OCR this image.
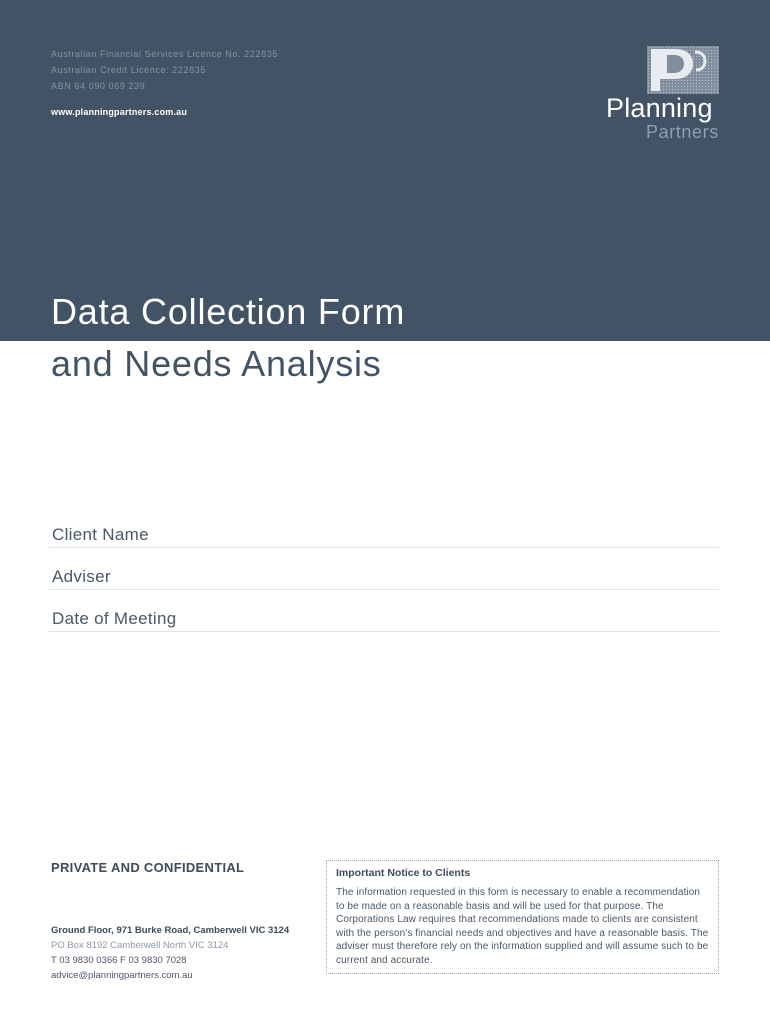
Australian Financial Services Licence No. 222835
Australian Credit Licence: 222835
ABN 64 090 069 239
www.planningpartners.com.au	Planning
Partners
Data Collection Form
and Needs Analysis
Client Name
Adviser
Date of Meeting
PRIVATE AND CONFIDENTIAL
Ground Floor, 971 Burke Road, Camberwell VIC 3124
PO Box 8192 Camberwell North VIC 3124
T 03 9830 0366 F 03 9830 7028
advice@planningpartners.com.au
Important Notice to Clients
The information requested in this form is necessary to enable a recommendation to be made on a reasonable basis and will be used for that purpose. The Corporations Law requires that recommendations made to clients are consistent with the person's financial needs and objectives and have a reasonable basis. The adviser must therefore rely on the information supplied and will assume such to be current and accurate.
